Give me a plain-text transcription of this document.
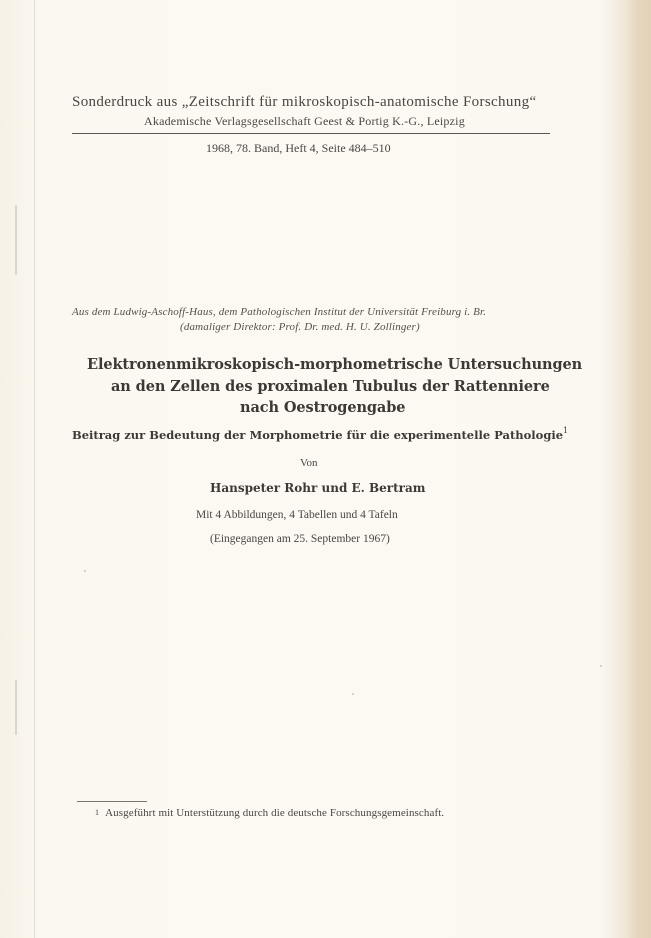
Sonderdruck aus „Zeitschrift für mikroskopisch-anatomische Forschung“
Akademische Verlagsgesellschaft Geest & Portig K.-G., Leipzig
1968, 78. Band, Heft 4, Seite 484–510
Aus dem Ludwig-Aschoff-Haus, dem Pathologischen Institut der Universität Freiburg i. Br.
(damaliger Direktor: Prof. Dr. med. H. U. Zollinger)
Elektronenmikroskopisch-morphometrische Untersuchungen
an den Zellen des proximalen Tubulus der Rattenniere
nach Oestrogengabe
Beitrag zur Bedeutung der Morphometrie für die experimentelle Pathologie$^1$
Von
Hanspeter Rohr und E. Bertram
Mit 4 Abbildungen, 4 Tabellen und 4 Tafeln
(Eingegangen am 25. September 1967)
1 Ausgeführt mit Unterstützung durch die deutsche Forschungsgemeinschaft.
